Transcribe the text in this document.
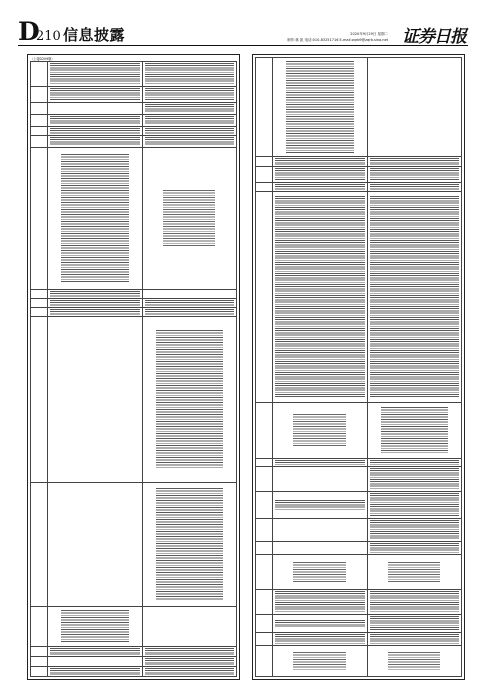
D
210 信息披露	2020年9月29日 星期二
制作:林 凯 电话:010-83251716 E-mail:zqrb9@zqrb.sina.net 证券日报
（上接D209版）
